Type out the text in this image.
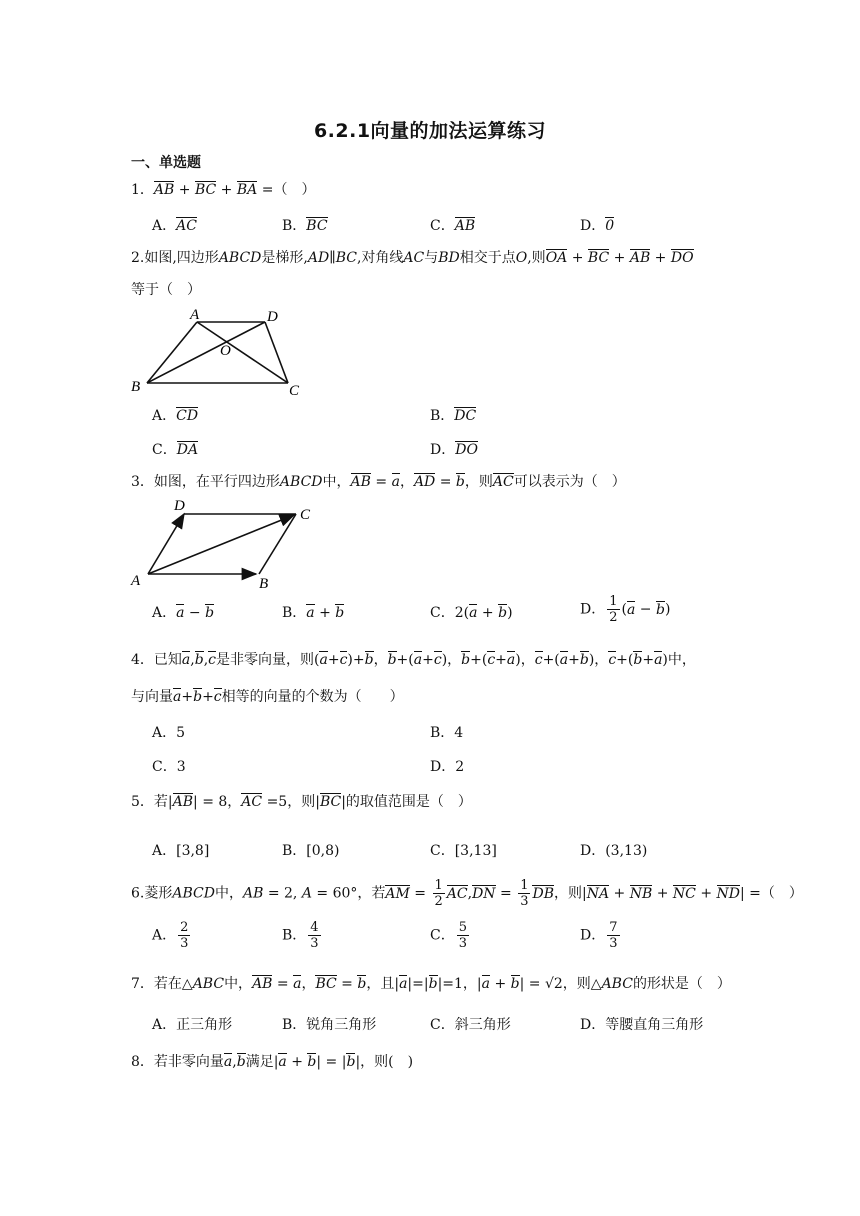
6.2.1向量的加法运算练习
一、单选题
1．AB + BC + BA =（　）
A．AC	B．BC	C．AB	D．0
2.如图,四边形ABCD是梯形,AD∥BC,对角线AC与BD相交于点O,则OA + BC + AB + DO
等于（　）
A	D
O
B	C
A．CD	B．DC
C．DA	D．DO
3．如图，在平行四边形ABCD中，AB = a，AD = b，则AC可以表示为（　）
D
C
A	B
A．a − b	B．a + b	C．2(a + b)	D． $\frac{1}{2} (a - b)$
4．已知a,b,c是非零向量，则(a+c)+b，b+(a+c)，b+(c+a)，c+(a+b)，c+(b+a)中，
与向量a+b+c相等的向量的个数为（　　）
A．5	B．4
C．3	D．2
5．若|AB| = 8，AC =5，则|BC|的取值范围是（　）
A．[3,8]	B．[0,8)	C．[3,13]	D．(3,13)
6.菱形ABCD中，AB = 2, A = 60°，若AM = $\frac{1}{2} AC,DN = \frac{1}{3}$ DB，则|NA + NB + NC + ND| =（　）
A． $\frac{2}{3}$	B． $\frac{4}{3}$	C． $\frac{5}{3}$	D． $\frac{7}{3}$
7．若在△ABC中，AB = a，BC = b，且|a|=|b|=1，|a + b| = √2，则△ABC的形状是（　）
A．正三角形	B．锐角三角形	C．斜三角形	D．等腰直角三角形
8．若非零向量a,b满足|a + b| = |b|，则(　)
